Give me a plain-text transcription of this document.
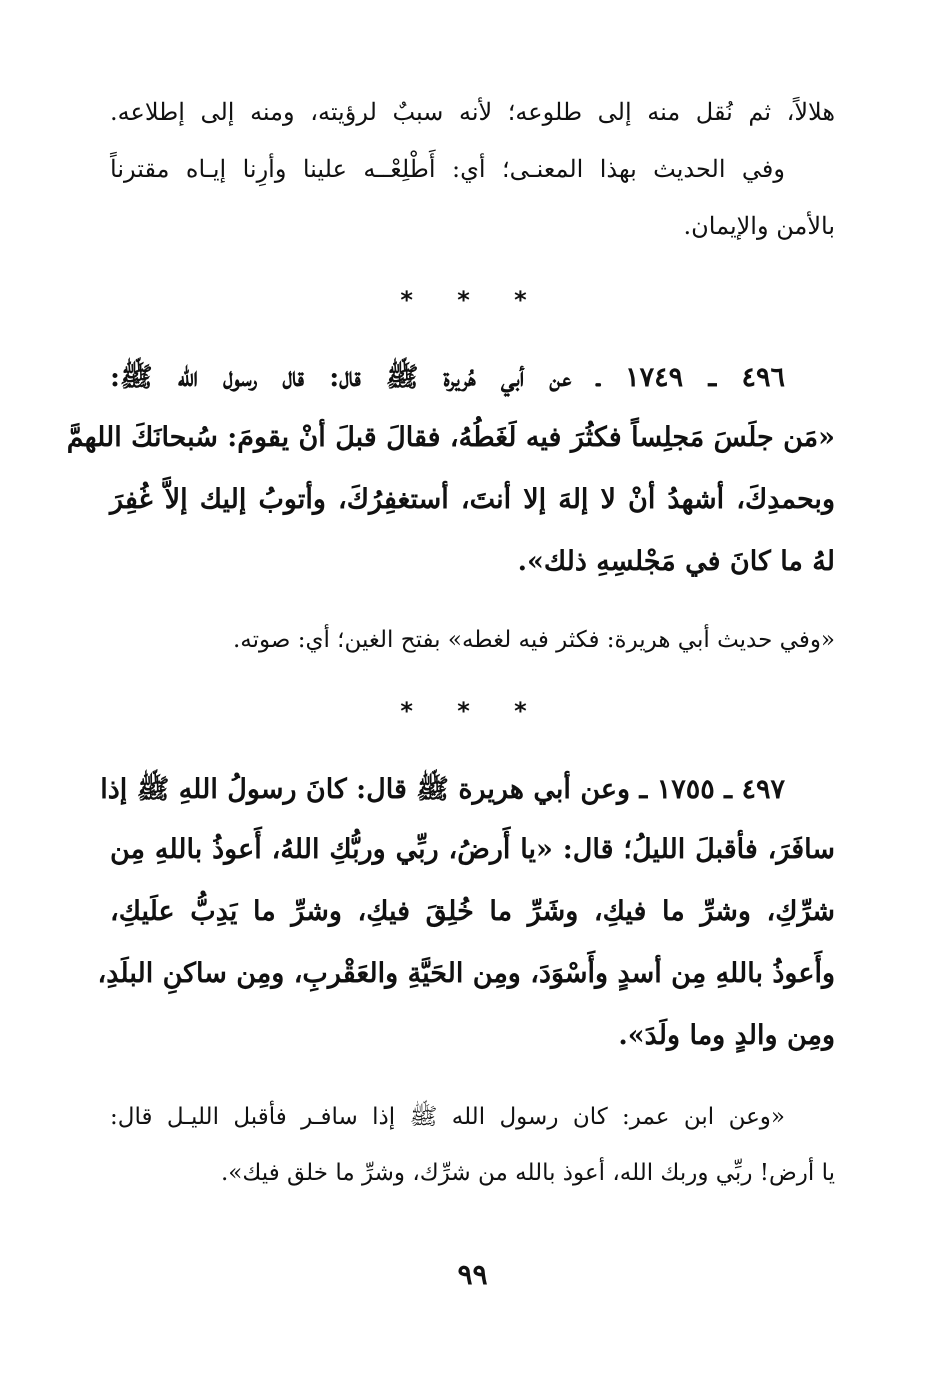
هلالاً، ثم نُقل منه إلى طلوعه؛ لأنه سببٌ لرؤيته، ومنه إلى إطلاعه.
وفي الحديث بهذا المعنـى؛ أي: أَطْلِعْــه علينا وأرِنا إيـاه مقترناً
بالأمن والإيمان.
* * *
٤٩٦ ـ ١٧٤٩ ـ عن أبي هُريرة ﷺ قال: قال رسول الله ﷺ:
«مَن جلَسَ مَجلِساً فكثُرَ فيه لَغَطُهُ، فقالَ قبلَ أنْ يقومَ: سُبحانَكَ اللهمَّ
وبحمدِكَ، أشهدُ أنْ لا إلهَ إلا أنتَ، أستغفِرُكَ، وأتوبُ إليك إلاَّ غُفِرَ
لهُ ما كانَ في مَجْلسِهِ ذلك».
«وفي حديث أبي هريرة: فكثر فيه لغطه» بفتح الغين؛ أي: صوته.
* * *
٤٩٧ ـ ١٧٥٥ ـ وعن أبي هريرة ﷺ قال: كانَ رسولُ اللهِ ﷺ إذا
سافَرَ، فأقبلَ الليلُ؛ قال: «يا أَرضُ، ربِّي وربُّكِ اللهُ، أَعوذُ باللهِ مِن
شرِّكِ، وشرِّ ما فيكِ، وشَرِّ ما خُلِقَ فيكِ، وشرِّ ما يَدِبُّ علَيكِ،
وأَعوذُ باللهِ مِن أسدٍ وأَسْوَدَ، ومِن الحَيَّةِ والعَقْربِ، ومِن ساكنِ البلَدِ،
ومِن والدٍ وما ولَدَ».
«وعن ابن عمر: كان رسول الله ﷺ إذا سافـر فأقبل الليـل قال:
يا أرض! ربِّي وربك الله، أعوذ بالله من شرِّك، وشرِّ ما خلق فيك».
٩٩
